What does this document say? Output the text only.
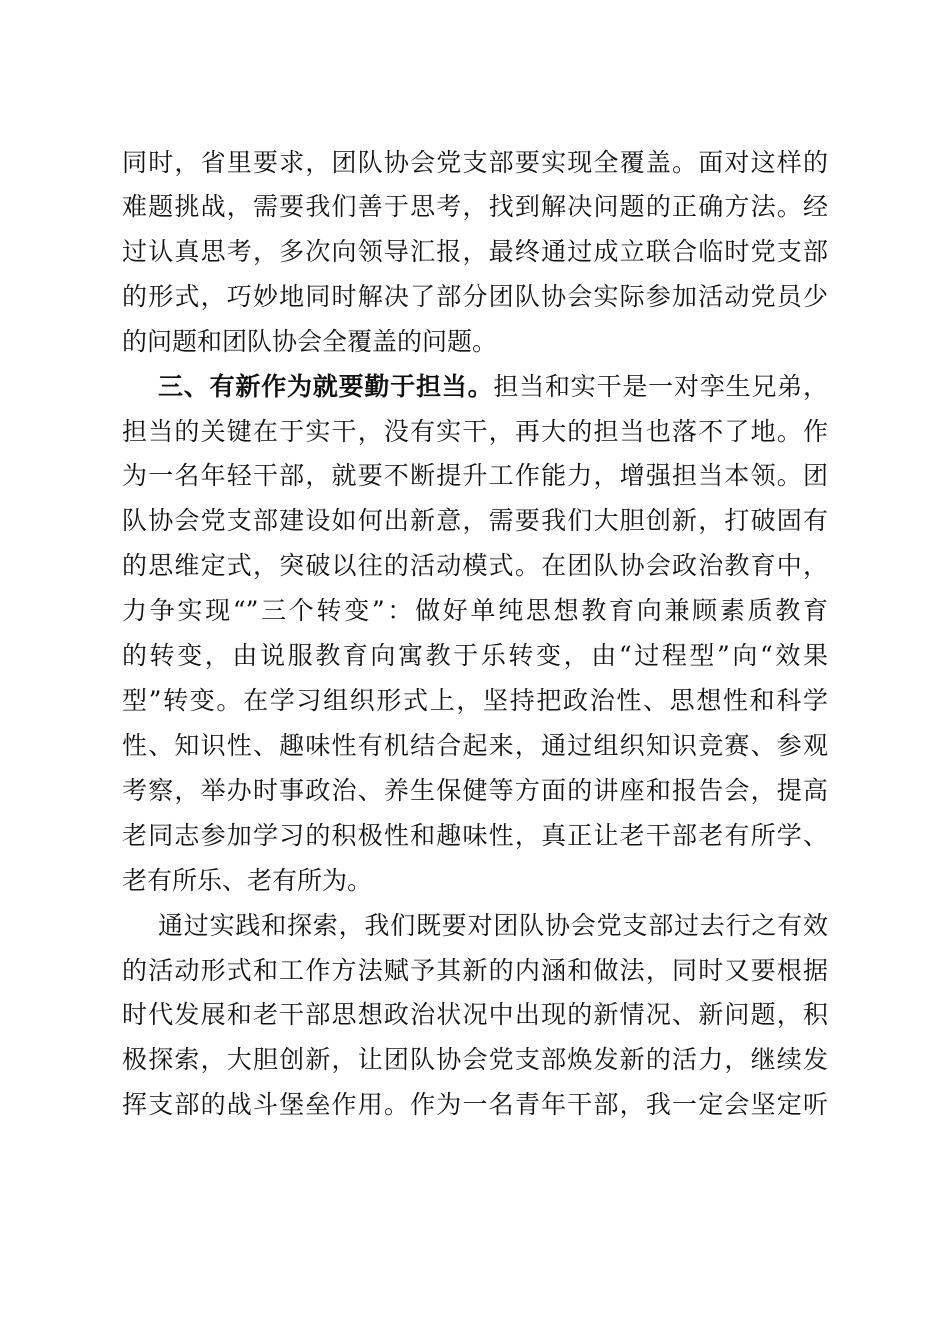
同时，省里要求，团队协会党支部要实现全覆盖。面对这样的
难题挑战，需要我们善于思考，找到解决问题的正确方法。经
过认真思考，多次向领导汇报，最终通过成立联合临时党支部
的形式，巧妙地同时解决了部分团队协会实际参加活动党员少
的问题和团队协会全覆盖的问题。
三、有新作为就要勤于担当。担当和实干是一对孪生兄弟，
担当的关键在于实干，没有实干，再大的担当也落不了地。作
为一名年轻干部，就要不断提升工作能力，增强担当本领。团
队协会党支部建设如何出新意，需要我们大胆创新，打破固有
的思维定式，突破以往的活动模式。在团队协会政治教育中，
力争实现“”三个转变”：做好单纯思想教育向兼顾素质教育
的转变，由说服教育向寓教于乐转变，由“过程型”向“效果
型”转变。在学习组织形式上，坚持把政治性、思想性和科学
性、知识性、趣味性有机结合起来，通过组织知识竞赛、参观
考察，举办时事政治、养生保健等方面的讲座和报告会，提高
老同志参加学习的积极性和趣味性，真正让老干部老有所学、
老有所乐、老有所为。
通过实践和探索，我们既要对团队协会党支部过去行之有效
的活动形式和工作方法赋予其新的内涵和做法，同时又要根据
时代发展和老干部思想政治状况中出现的新情况、新问题，积
极探索，大胆创新，让团队协会党支部焕发新的活力，继续发
挥支部的战斗堡垒作用。作为一名青年干部，我一定会坚定听
